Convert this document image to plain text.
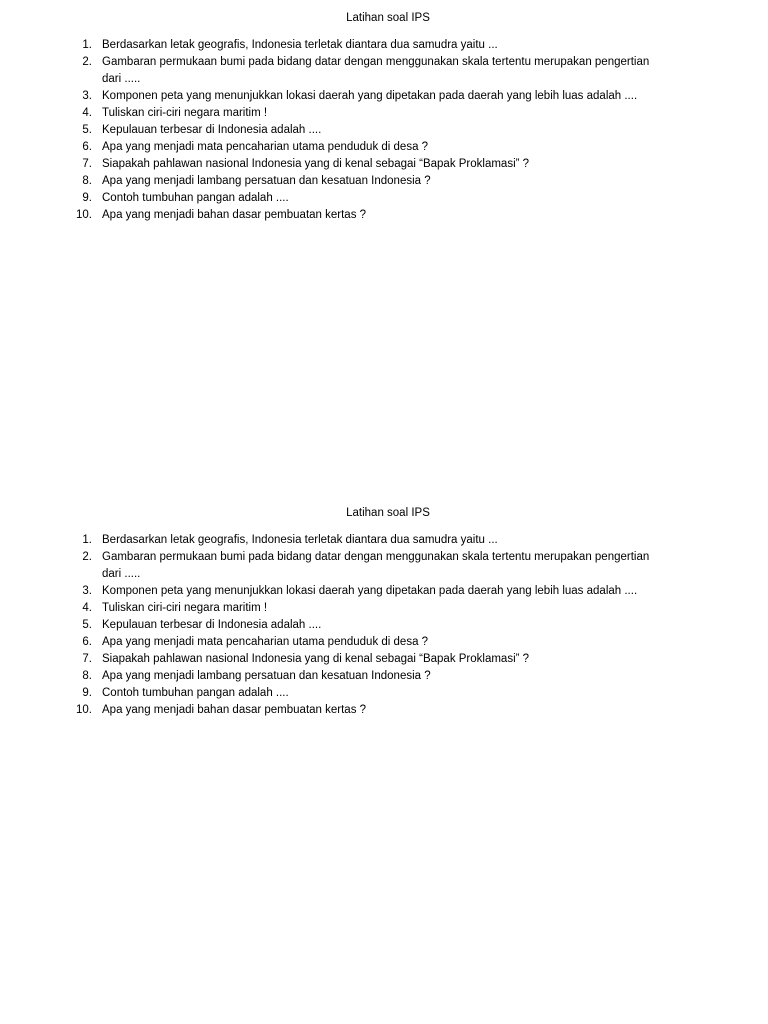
Latihan soal IPS
1. Berdasarkan letak geografis, Indonesia terletak diantara dua samudra yaitu ...
2. Gambaran permukaan bumi pada bidang datar dengan menggunakan skala tertentu merupakan pengertian dari .....
3. Komponen peta yang menunjukkan lokasi daerah yang dipetakan pada daerah yang lebih luas adalah ....
4. Tuliskan ciri-ciri negara maritim !
5. Kepulauan terbesar di Indonesia adalah ....
6. Apa yang menjadi mata pencaharian utama penduduk di desa ?
7. Siapakah pahlawan nasional Indonesia yang di kenal sebagai “Bapak Proklamasi” ?
8. Apa yang menjadi lambang persatuan dan kesatuan Indonesia ?
9. Contoh tumbuhan pangan adalah ....
10. Apa yang menjadi bahan dasar pembuatan kertas ?
Latihan soal IPS
1. Berdasarkan letak geografis, Indonesia terletak diantara dua samudra yaitu ...
2. Gambaran permukaan bumi pada bidang datar dengan menggunakan skala tertentu merupakan pengertian dari .....
3. Komponen peta yang menunjukkan lokasi daerah yang dipetakan pada daerah yang lebih luas adalah ....
4. Tuliskan ciri-ciri negara maritim !
5. Kepulauan terbesar di Indonesia adalah ....
6. Apa yang menjadi mata pencaharian utama penduduk di desa ?
7. Siapakah pahlawan nasional Indonesia yang di kenal sebagai “Bapak Proklamasi” ?
8. Apa yang menjadi lambang persatuan dan kesatuan Indonesia ?
9. Contoh tumbuhan pangan adalah ....
10. Apa yang menjadi bahan dasar pembuatan kertas ?
